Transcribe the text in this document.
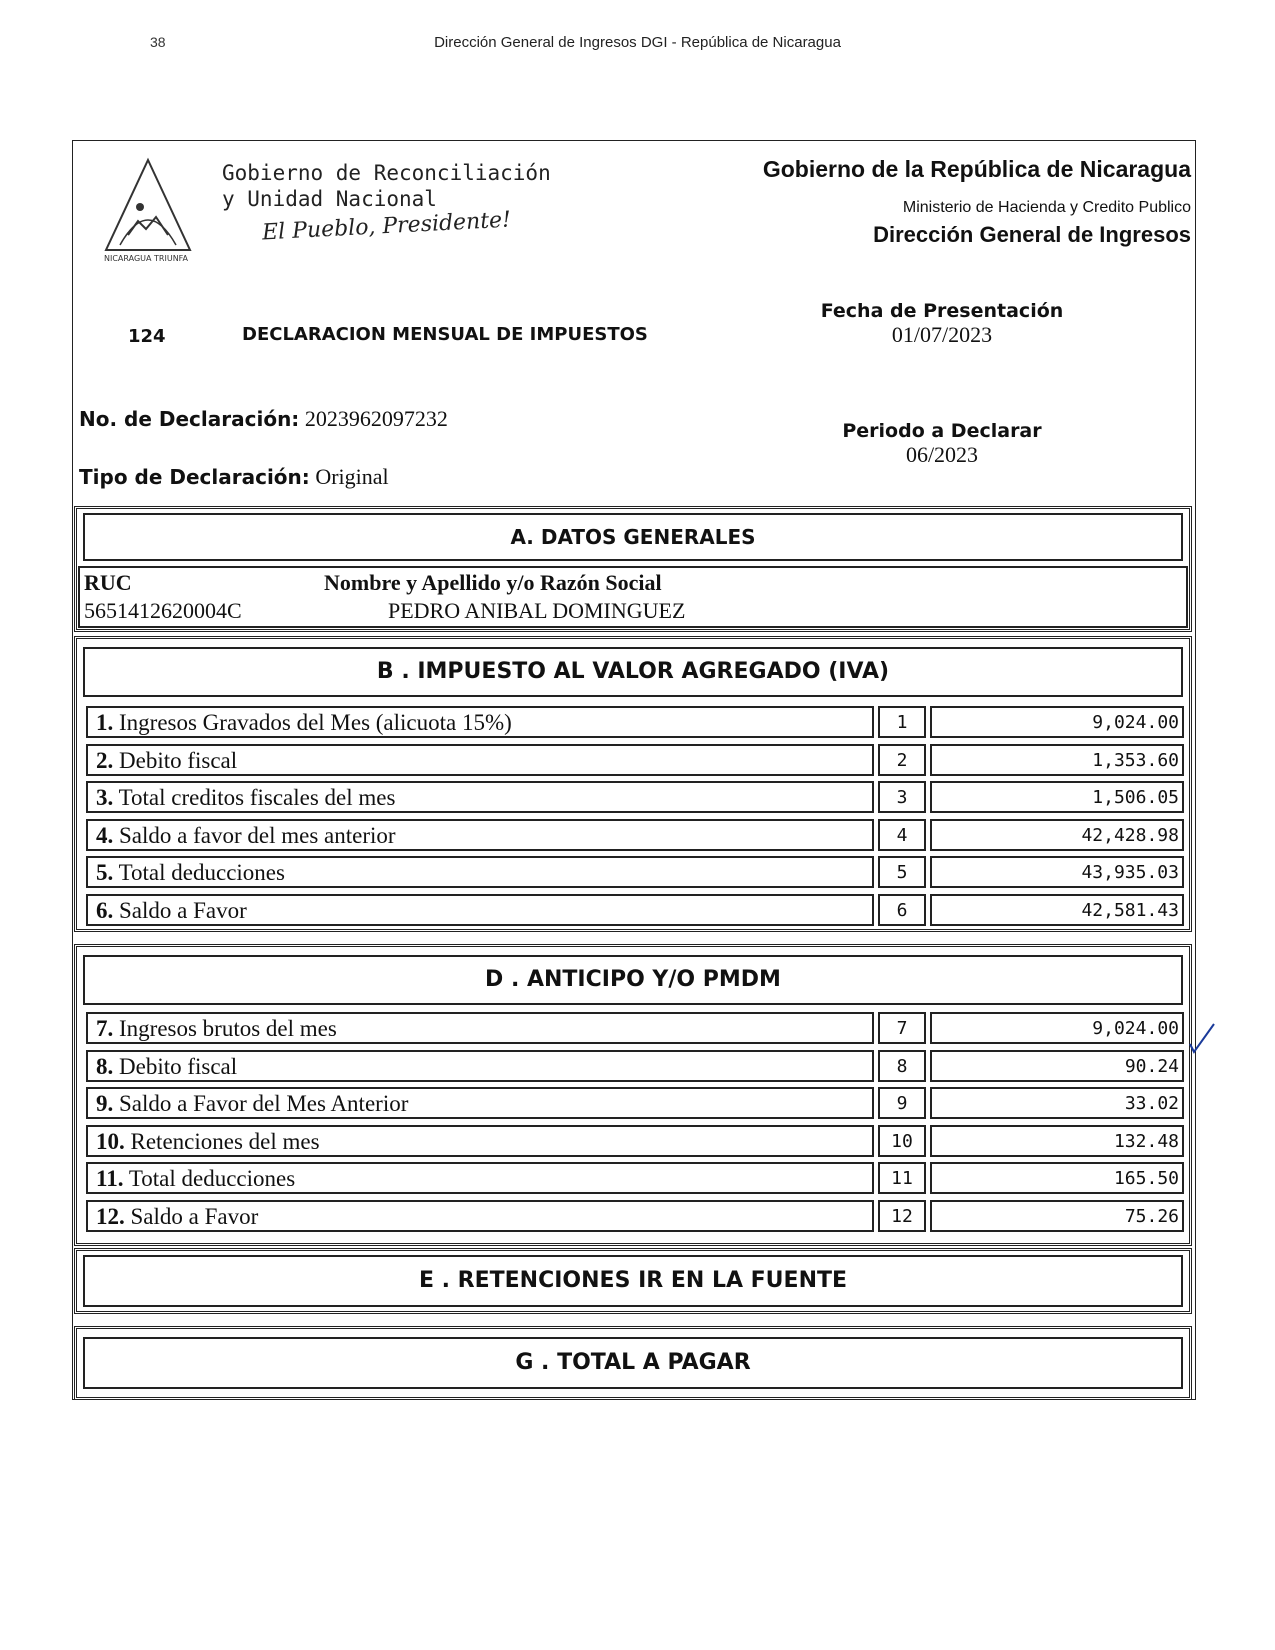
38	Dirección General de Ingresos DGI - República de Nicaragua
NICARAGUA TRIUNFA
Gobierno de Reconciliación
y Unidad Nacional
El Pueblo, Presidente!
Gobierno de la República de Nicaragua
Ministerio de Hacienda y Credito Publico
Dirección General de Ingresos
124	DECLARACION MENSUAL DE IMPUESTOS
Fecha de Presentación
01/07/2023
No. de Declaración: 2023962097232	Periodo a Declarar
06/2023
Tipo de Declaración: Original
A. DATOS GENERALES
RUC
5651412620004C
Nombre y Apellido y/o Razón Social
PEDRO ANIBAL DOMINGUEZ
B . IMPUESTO AL VALOR AGREGADO (IVA)
1. Ingresos Gravados del Mes (alicuota 15%)	1	9,024.00
2. Debito fiscal	2	1,353.60
3. Total creditos fiscales del mes	3	1,506.05
4. Saldo a favor del mes anterior	4	42,428.98
5. Total deducciones	5	43,935.03
6. Saldo a Favor	6	42,581.43
D . ANTICIPO Y/O PMDM
7. Ingresos brutos del mes	7	9,024.00
8. Debito fiscal	8	90.24
9. Saldo a Favor del Mes Anterior	9	33.02
10. Retenciones del mes	10	132.48
11. Total deducciones	11	165.50
12. Saldo a Favor	12	75.26
E . RETENCIONES IR EN LA FUENTE
G . TOTAL A PAGAR
